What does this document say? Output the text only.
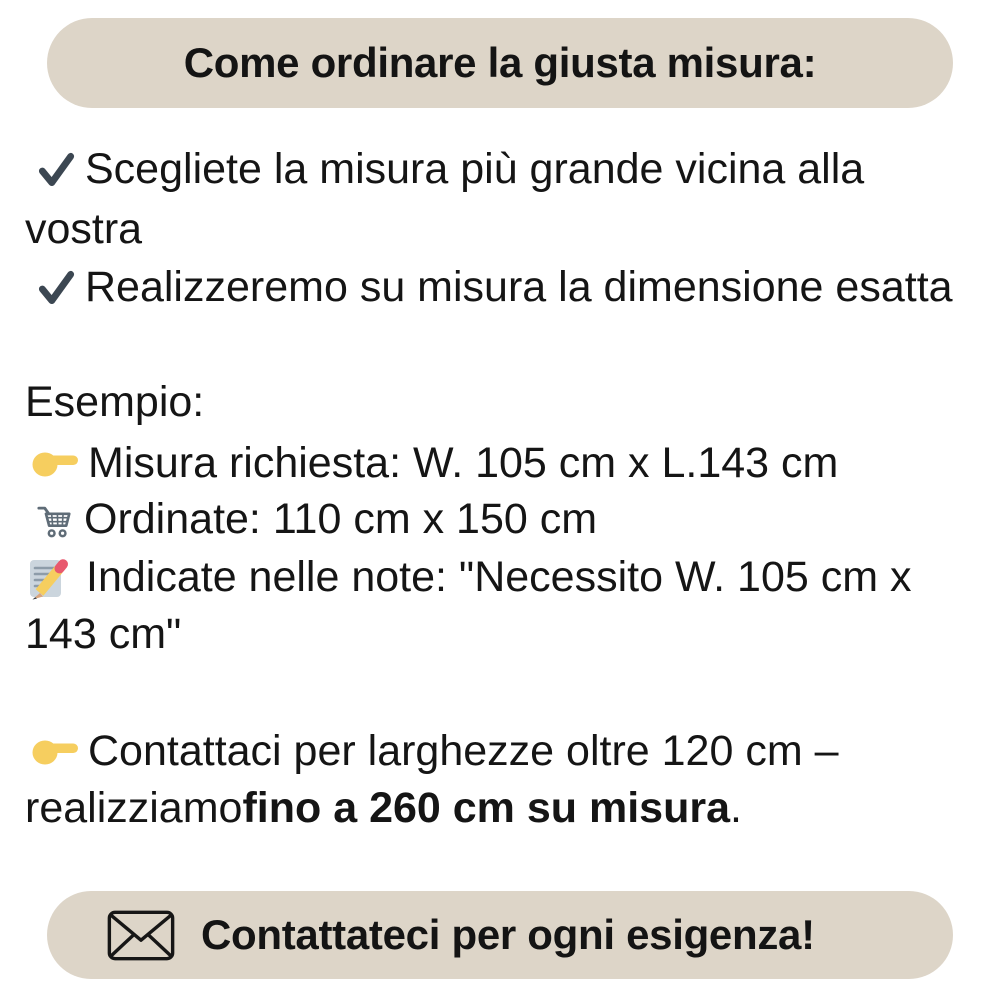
Come ordinare la giusta misura:
Scegliete la misura più grande vicina alla
vostra
Realizzeremo su misura la dimensione esatta
Esempio:
Misura richiesta: W. 105 cm x L.143 cm
Ordinate: 110 cm x 150 cm
Indicate nelle note: "Necessito W. 105 cm x
143 cm"
Contattaci per larghezze oltre 120 cm –
realizziamo fino a 260 cm su misura .
Contattateci per ogni esigenza!
